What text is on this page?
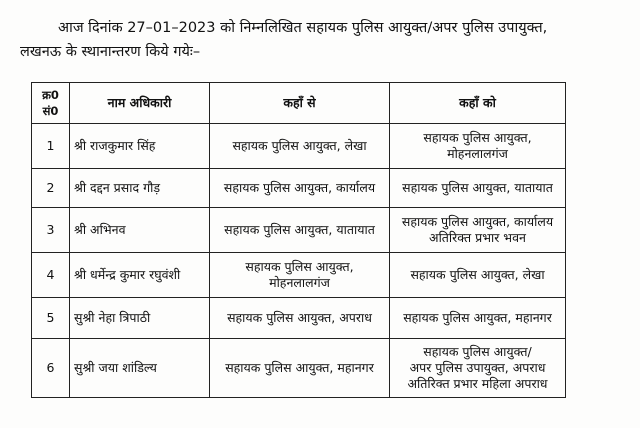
आज दिनांक 27–01–2023 को निम्नलिखित सहायक पुलिस आयुक्त/अपर पुलिस उपायुक्त,
लखनऊ के स्थानान्तरण किये गयेः–
क्र0
सं0	नाम अधिकारी	कहाँ से	कहाँ को
1	श्री राजकुमार सिंह	सहायक पुलिस आयुक्त, लेखा	सहायक पुलिस आयुक्त,
मोहनलालगंज

2	श्री दद्दन प्रसाद गौड़	सहायक पुलिस आयुक्त, कार्यालय	सहायक पुलिस आयुक्त, यातायात

3	श्री अभिनव	सहायक पुलिस आयुक्त, यातायात	सहायक पुलिस आयुक्त, कार्यालय
अतिरिक्त प्रभार भवन

4	श्री धर्मेन्द्र कुमार रघुवंशी	सहायक पुलिस आयुक्त,
मोहनलालगंज	सहायक पुलिस आयुक्त, लेखा

5	सुश्री नेहा त्रिपाठी	सहायक पुलिस आयुक्त, अपराध	सहायक पुलिस आयुक्त, महानगर

6	सुश्री जया शांडिल्य	सहायक पुलिस आयुक्त, महानगर	सहायक पुलिस आयुक्त/
अपर पुलिस उपायुक्त, अपराध
अतिरिक्त प्रभार महिला अपराध
